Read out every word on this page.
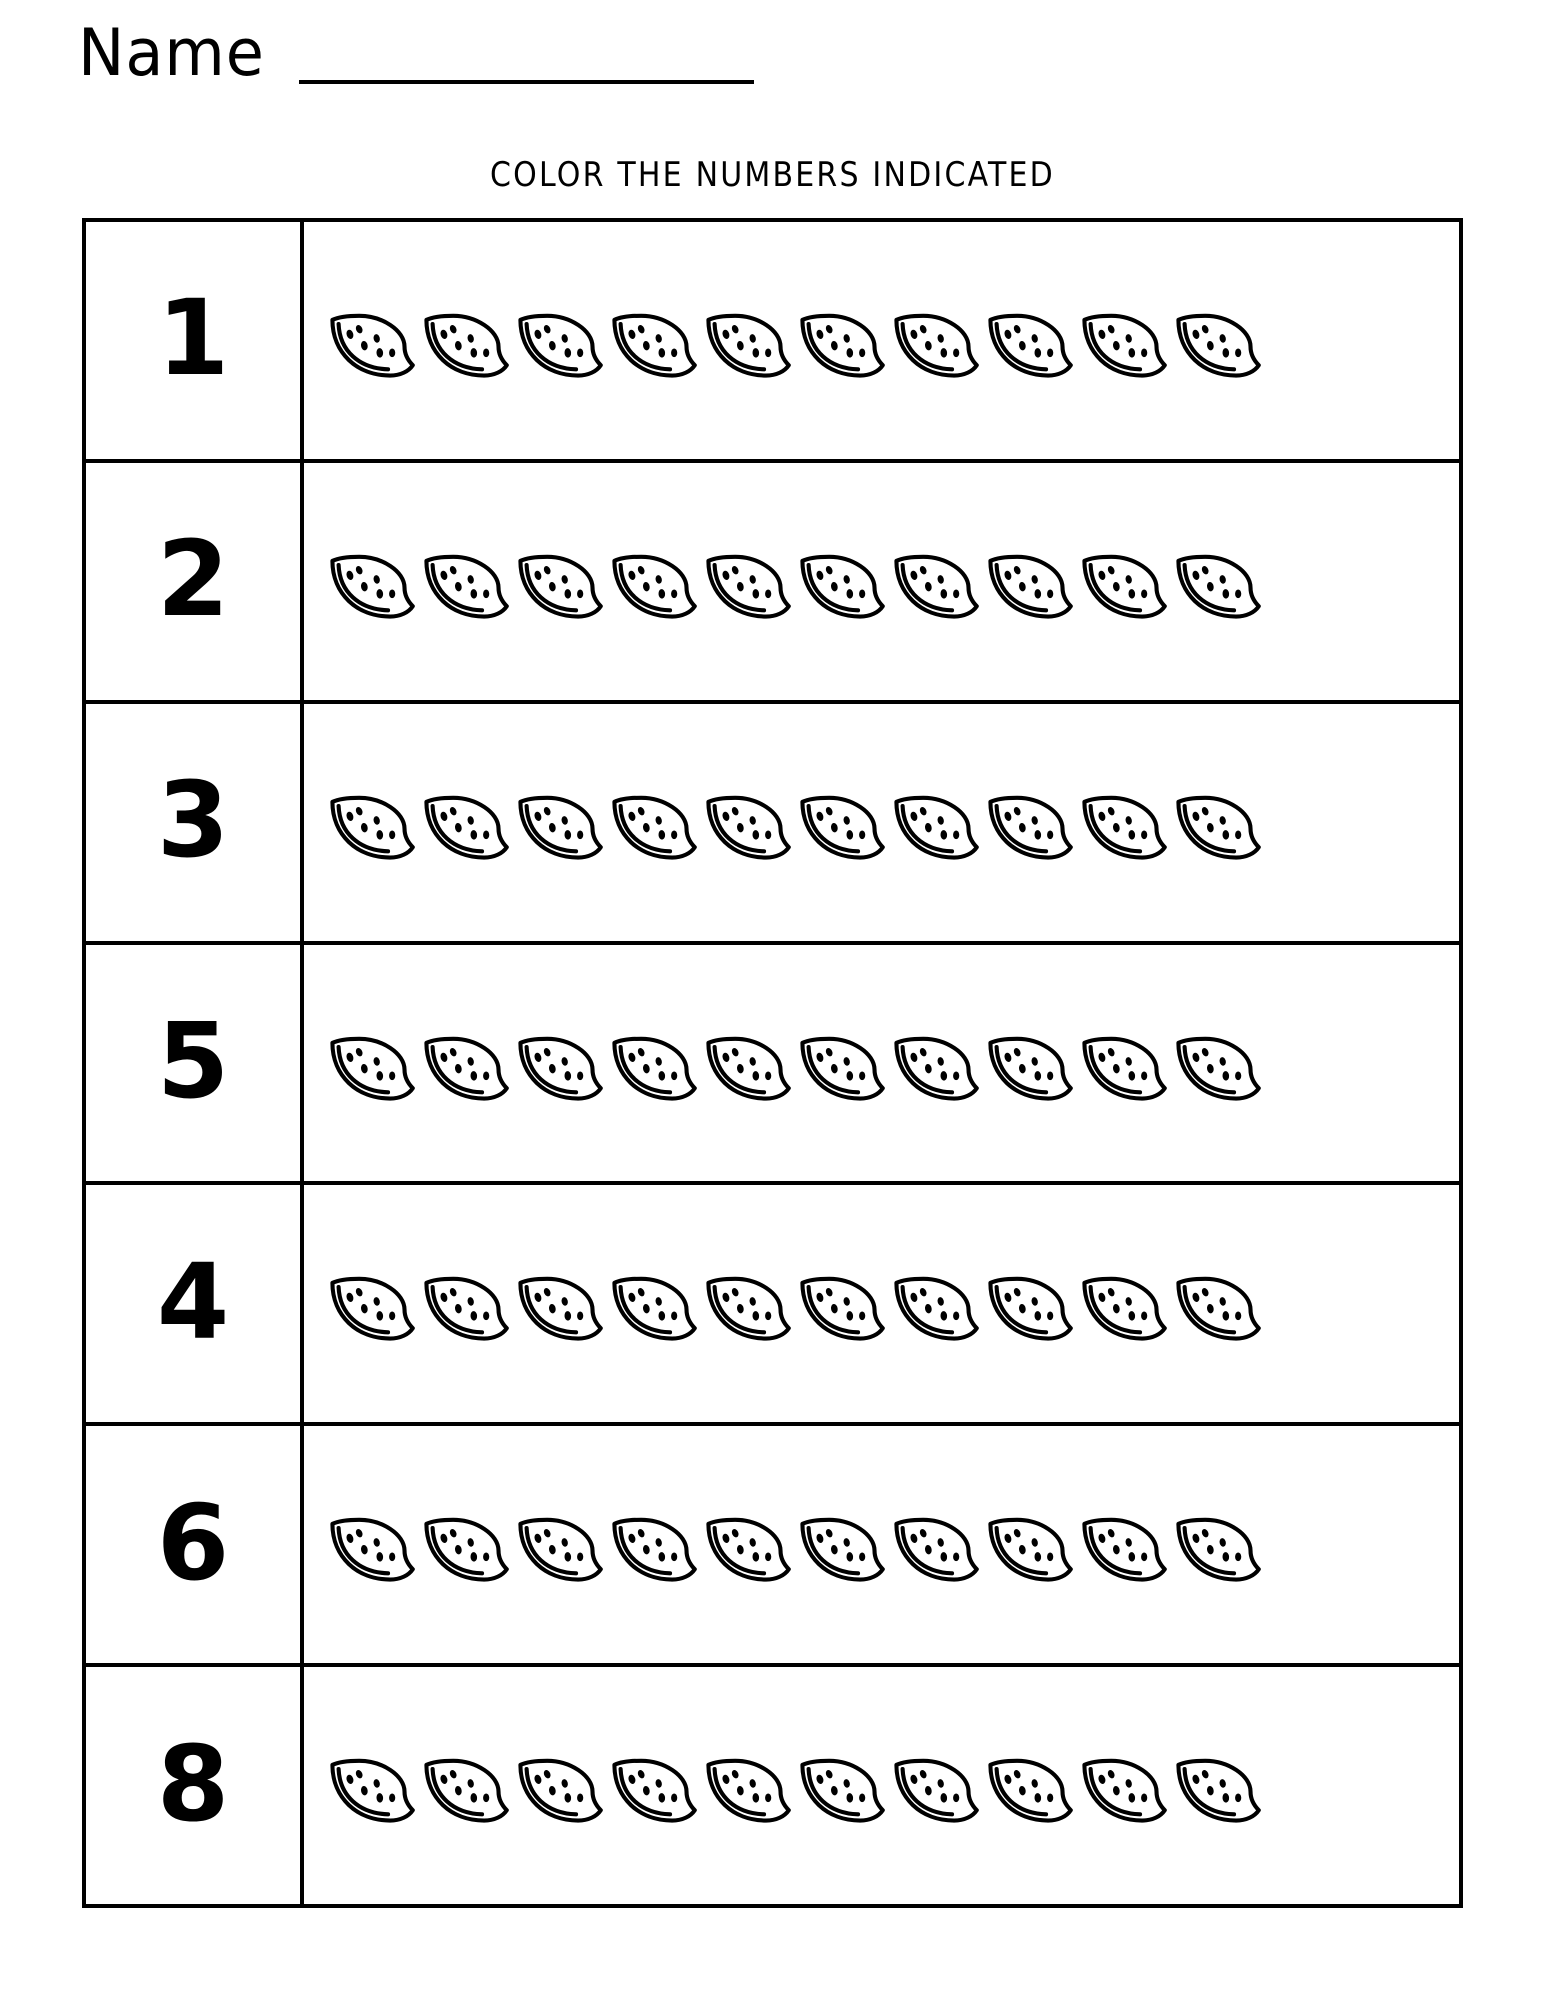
Name
COLOR THE NUMBERS INDICATED
1
2
3
5
4
6
8
